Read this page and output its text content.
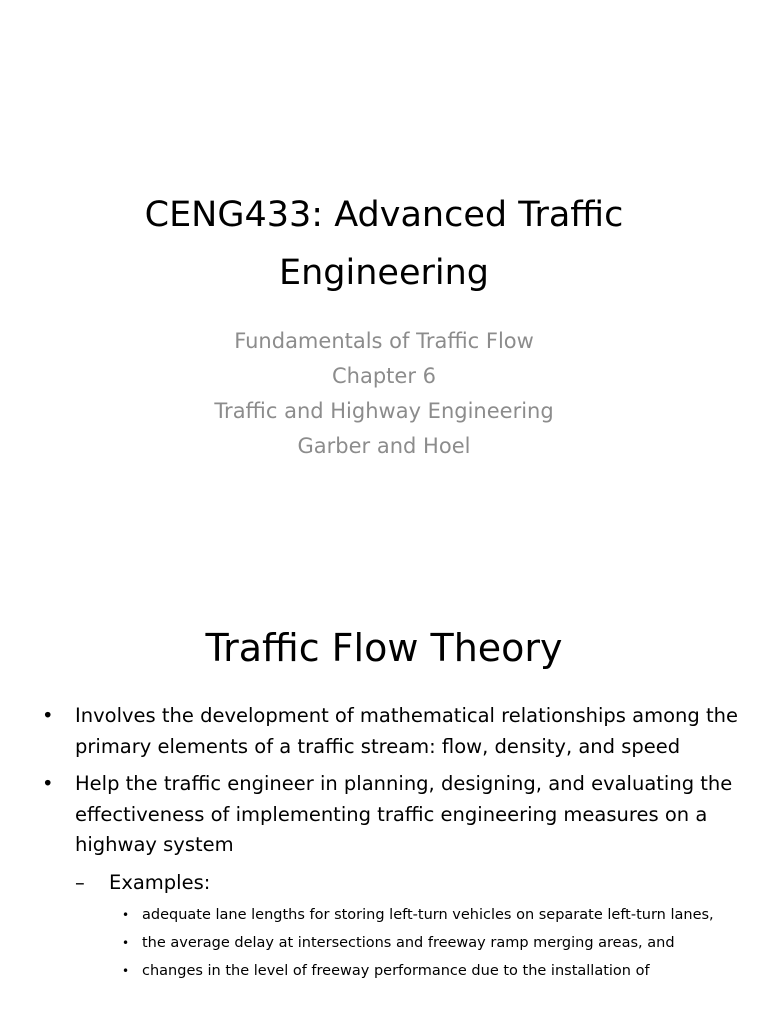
CENG433: Advanced Traffic
Engineering
Fundamentals of Traffic Flow
Chapter 6
Traffic and Highway Engineering
Garber and Hoel
Traffic Flow Theory
• Involves the development of mathematical relationships among the primary elements of a traffic stream: flow, density, and speed
• Help the traffic engineer in planning, designing, and evaluating the effectiveness of implementing traffic engineering measures on a highway system
– Examples:
• adequate lane lengths for storing left-turn vehicles on separate left-turn lanes,
• the average delay at intersections and freeway ramp merging areas, and
• changes in the level of freeway performance due to the installation of
